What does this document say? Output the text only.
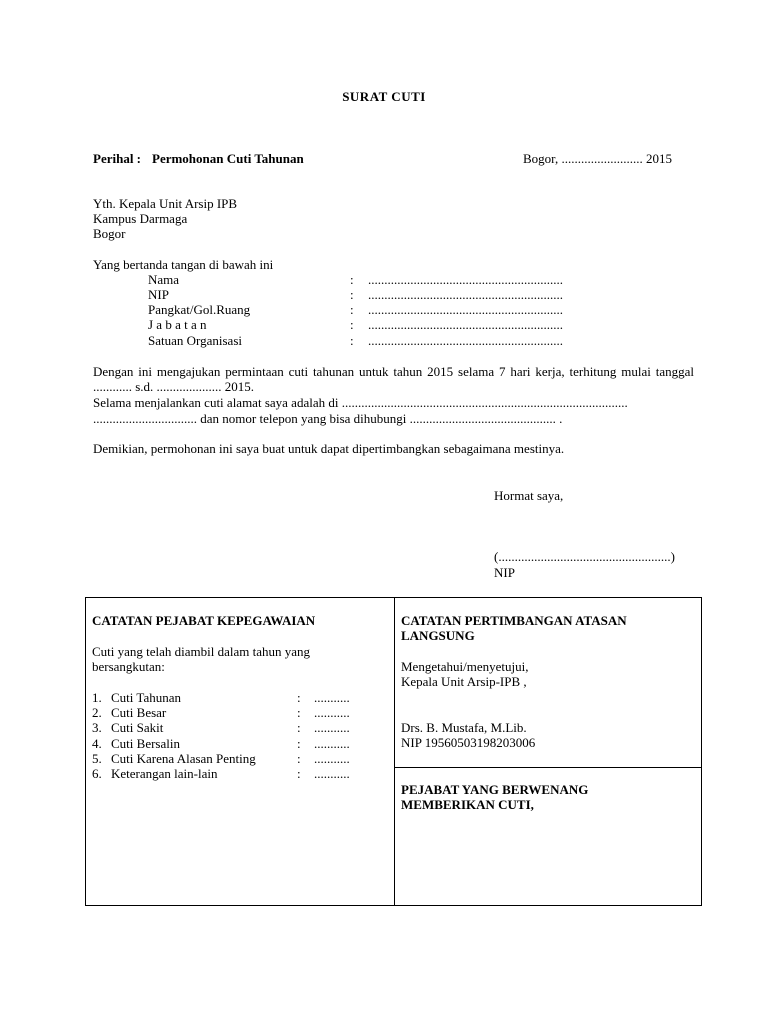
SURAT CUTI
Perihal : Permohonan Cuti Tahunan	Bogor, ......................... 2015
Yth. Kepala Unit Arsip IPB
Kampus Darmaga
Bogor
Yang bertanda tangan di bawah ini
Nama	: ............................................................
NIP	: ............................................................
Pangkat/Gol.Ruang	: ............................................................
J a b a t a n	: ............................................................
Satuan Organisasi	: ............................................................
Dengan ini mengajukan permintaan cuti tahunan untuk tahun 2015 selama 7 hari kerja, terhitung mulai tanggal ............ s.d. .................... 2015.
Selama menjalankan cuti alamat saya adalah di ........................................................................................
................................ dan nomor telepon yang bisa dihubungi ............................................. .
Demikian, permohonan ini saya buat untuk dapat dipertimbangkan sebagaimana mestinya.
Hormat saya,
(.....................................................)
NIP
CATATAN PEJABAT KEPEGAWAIAN
Cuti yang telah diambil dalam tahun yang
bersangkutan:
1. Cuti Tahunan	: ...........
2. Cuti Besar	: ...........
3. Cuti Sakit	: ...........
4. Cuti Bersalin	: ...........
5. Cuti Karena Alasan Penting	: ...........
6. Keterangan lain-lain	: ...........
CATATAN PERTIMBANGAN ATASAN
LANGSUNG
Mengetahui/menyetujui,
Kepala Unit Arsip-IPB ,
Drs. B. Mustafa, M.Lib.
NIP 19560503198203006
PEJABAT YANG BERWENANG
MEMBERIKAN CUTI,
